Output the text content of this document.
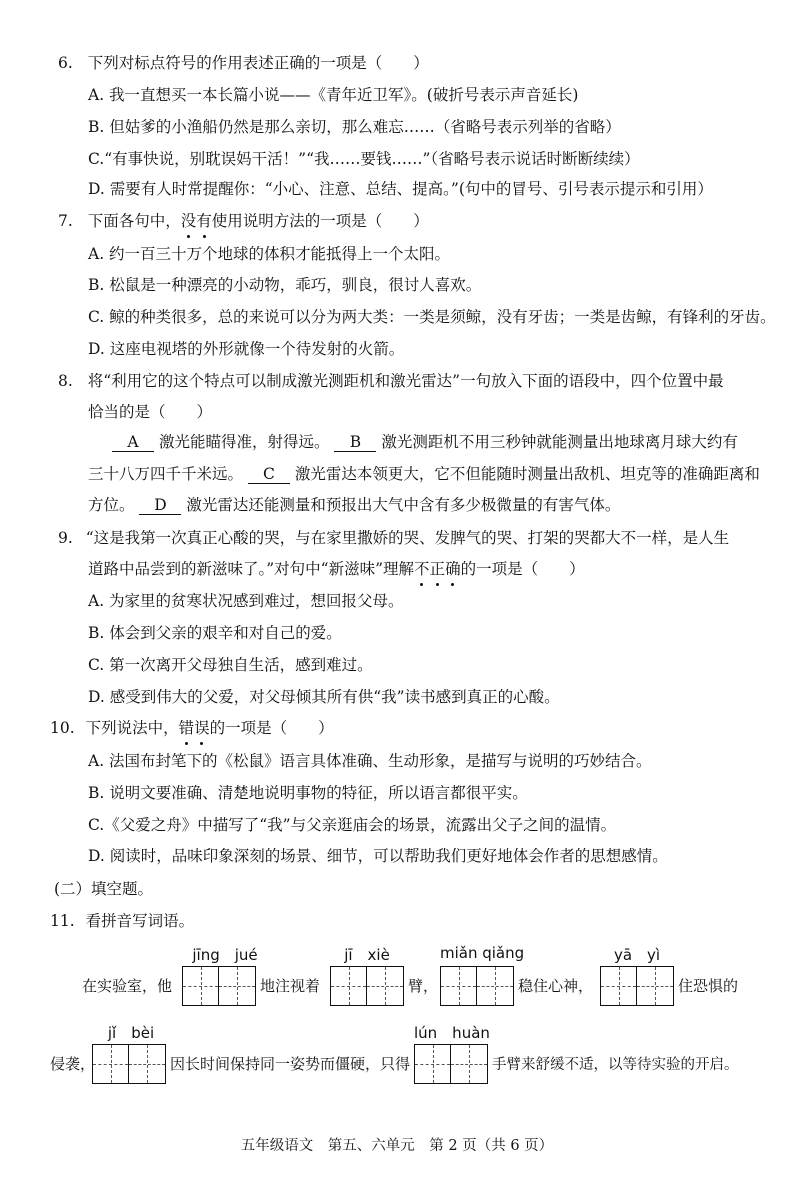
6. 下列对标点符号的作用表述正确的一项是（　　）
A. 我一直想买一本长篇小说——《青年近卫军》。(破折号表示声音延长)
B. 但姑爹的小渔船仍然是那么亲切，那么难忘……（省略号表示列举的省略）
C.“有事快说，别耽误妈干活！”“我……要钱……”（省略号表示说话时断断续续）
D. 需要有人时常提醒你：“小心、注意、总结、提高。”(句中的冒号、引号表示提示和引用）
7. 下面各句中，没有使用说明方法的一项是（　　）
A. 约一百三十万个地球的体积才能抵得上一个太阳。
B. 松鼠是一种漂亮的小动物，乖巧，驯良，很讨人喜欢。
C. 鲸的种类很多，总的来说可以分为两大类：一类是须鲸，没有牙齿；一类是齿鲸，有锋利的牙齿。
D. 这座电视塔的外形就像一个待发射的火箭。
8. 将“利用它的这个特点可以制成激光测距机和激光雷达”一句放入下面的语段中，四个位置中最
恰当的是（　　）
A 激光能瞄得准，射得远。 B 激光测距机不用三秒钟就能测量出地球离月球大约有
三十八万四千千米远。 C 激光雷达本领更大，它不但能随时测量出敌机、坦克等的准确距离和
方位。 D 激光雷达还能测量和预报出大气中含有多少极微量的有害气体。
9. “这是我第一次真正心酸的哭，与在家里撒娇的哭、发脾气的哭、打架的哭都大不一样，是人生
道路中品尝到的新滋味了。”对句中“新滋味”理解不正确的一项是（　　）
A. 为家里的贫寒状况感到难过，想回报父母。
B. 体会到父亲的艰辛和对自己的爱。
C. 第一次离开父母独自生活，感到难过。
D. 感受到伟大的父爱，对父母倾其所有供“我”读书感到真正的心酸。
10. 下列说法中，错误的一项是（　　）
A. 法国布封笔下的《松鼠》语言具体准确、生动形象，是描写与说明的巧妙结合。
B. 说明文要准确、清楚地说明事物的特征，所以语言都很平实。
C.《父爱之舟》中描写了“我”与父亲逛庙会的场景，流露出父子之间的温情。
D. 阅读时，品味印象深刻的场景、细节，可以帮助我们更好地体会作者的思想感情。
(二）填空题。
11. 看拼音写词语。
jīng　jué	jī　xiè	miǎn qiǎng	yā　yì
在实验室，他	地注视着	臂，	稳住心神，	住恐惧的
jǐ　bèi	lún　huàn
侵袭，	因长时间保持同一姿势而僵硬，只得	手臂来舒缓不适，以等待实验的开启。
五年级语文　第五、六单元　第 2 页（共 6 页）
